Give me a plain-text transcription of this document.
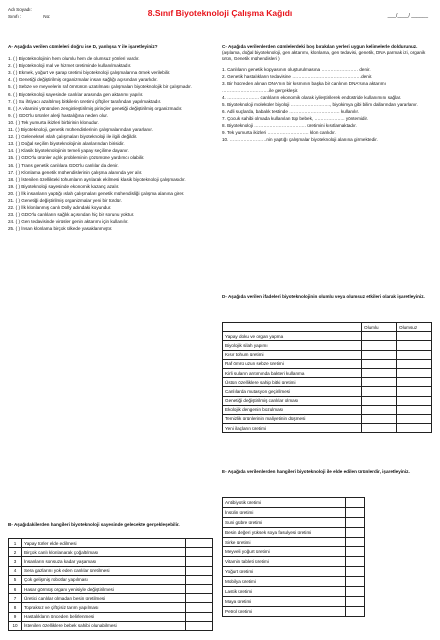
Adı Soyadı:
Sınıfı :	No:	8.Sınıf Biyoteknoloji Çalışma Kağıdı	___/____/ ______
A- Aşağıda verilen cümleleri doğru ise D, yanlışsa Y ile işaretleyiniz?

1. ( ) Biyoteknolojinin hem olumlu hem de olumsuz yönleri vardır.

2. ( ) Biyoteknoloji mal ve hizmet üretiminde kullanılmaktadır.

3. ( ) Ekmek, yoğurt ve şarap üretimi biyoteknoloji çalışmalarına örnek verilebilir.

4. ( ) Genetiği değiştirilmiş organizmalar insan sağlığı açısından yararlıdır.

5. ( ) Sebze ve meyvelerin raf ömrünün uzatılması çalışmaları biyoteknolojik bir çalışmadır.

6. ( ) Biyoteknoloji sayesinde canlılar arasında gen aktarımı yapılır.

7. ( ) Su ihtiyacı azaltılmış bitkilerin üretimi çiftçiler tarafından yapılmaktadır.

8. ( ) A vitamini yönünden zenginleştirilmiş pirinçler genetiği değiştirilmiş organizmadır.

9. ( ) GDO'lu ürünler alerji hastalığına neden olur.

10. ( ) Tek yumurta ikizleri birbirinin klonudur.

11. ( ) Biyoteknoloji, genetik mühendislerinin çalışmalarından yararlanır.

12. ( ) Geleneksel ıslah çalışmaları biyoteknoloji ile ilgili değildir.

13. ( ) Doğal seçilim biyoteknolojinin alanlarından birisidir.

14. ( ) Klasik biyoteknolojinin temeli yapay seçilime dayanır.

15. ( ) GDO'lu ürünler açlık probleminin çözümüne yardımcı olabilir.

16. ( ) Trans genetik canlılara GDO'lu canlılar da denir.

17. ( ) Klonlama genetik mühendislerinin çalışma alanında yer alır.

18. ( ) İstenilen özellikteki tohumların ayrılarak ekilmesi klasik biyoteknoloji çalışmasıdır.

19. ( ) Biyoteknoloji sayesinde ekonomik kazanç azalır.

20. ( ) İlk insanların yaptığı ıslah çalışmaları genetik mühendisliği çalışma alanına girer.

21. ( ) Genetiği değiştirilmiş organizmalar yeni bir türdür.

22. ( ) İlk klonlanmış canlı Dolly adındaki koyundur.

23. ( ) GDO'lu canlıların sağlık açısından hiç bir sorunu yoktur.

24. ( ) Gen tedavisinde virüsler genin aktarımı için kullanılır.

25. ( ) İnsan klonlama birçok ülkede yasaklanmıştır.

B- Aşağıdakilerden hangileri biyoteknoloji sayesinde gelecekte gerçekleşebilir.
1	Yapay türler elde edilmesi	
2	Birçok canlı klonlanarak çoğaltılması	
3	İnsanların sonsuza kadar yaşaması	
4	Sera gazlarını yok eden canlılar üretilmesi	
5	Çok gelişmiş robotlar yapılması	
6	Hasar görmüş organı yenisiyle değiştirilmesi	
7	Üretici canlılar olmadan besin üretilmesi	
8	Topraksız ve çiftçisiz tarım yapılması	
9	Hastalıkların önceden belirlenmesi	
10	İstenilen özelliklere bebek sahibi olunabilmesi	
C- Aşağıda verilenlerden cümlelerdeki boş bırakılan yerleri uygun kelimelerle doldurunuz. (aşılama, doğal biyoteknoloji, gen aktarımı, klonlama, gen tedavisi, genetik, DNA parmak izi, organik ürün, Genetik mühendisleri )

1. Canlıların genetik kopyasının oluşturulmasına …………………… denir.

2. Genetik hastalıkların tedavisine ………………………………………denir.

3. Bir hücreden alınan DNA'nın bir kısmının başka bir canlının DNA'sına aktarımı ………………………….ile gerçekleşir.

4. ………………… canlıların ekonomik olarak iyileştirilerek endüstride kullanımını sağlar.

5. Biyoteknoloji moleküler biyoloji …………………….., biyokimya gibi bilim dallarından yararlanır.

6. Adli suçlarda, babalık testinde …………………………… kullanılır.

7. Çocuk sahibi olmada kullanılan tüp bebek, ……………….. yöntemidir.

8. Biyoteknoloji ……………………………. üretimini kısıtlamaktadır.

9. Tek yumurta ikizleri ……………………… klon canlıdır.

10. ……………………nin yaptığı çalışmalar biyoteknoloji alanına girmektedir.

D- Aşağıda verilen ifadeleri biyoteknolojinin olumlu veya olumsuz etkileri olarak işaretleyiniz.
	Olumlu	Olumsuz
Yapay doku ve organ yapma		
Biyolojik silah yapımı		
Kısır tohum üretimi		
Raf ömrü uzun sebze üretimi		
Kirli suların arıtımında bakteri kullanma		
Üstün özelliklere sahip bitki üretimi		
Canlılarda mutasyon geçirilmesi		
Genetiği değiştirilmiş canlılar olması		
Ekolojik dengenin bozulması		
Temizlik ürünlerinin maliyetinin düşmesi		
Yeni ilaçların üretimi		
E- Aşağıda verilenlerden hangileri biyoteknoloji ile elde edilen ürünlerdir, işaretleyiniz.
Antibiyotik üretimi	
İnsülin üretimi	
Suni gübre üretimi	
Besin değeri yüksek soya fasulyesi üretimi	
Sirke üretimi	
Meyveli yoğurt üretimi	
Vitamin tableti üretimi	
Yoğurt üretimi	
Mobilya üretimi	
Lastik üretimi	
Maya üretimi	
Petrol üretimi	
